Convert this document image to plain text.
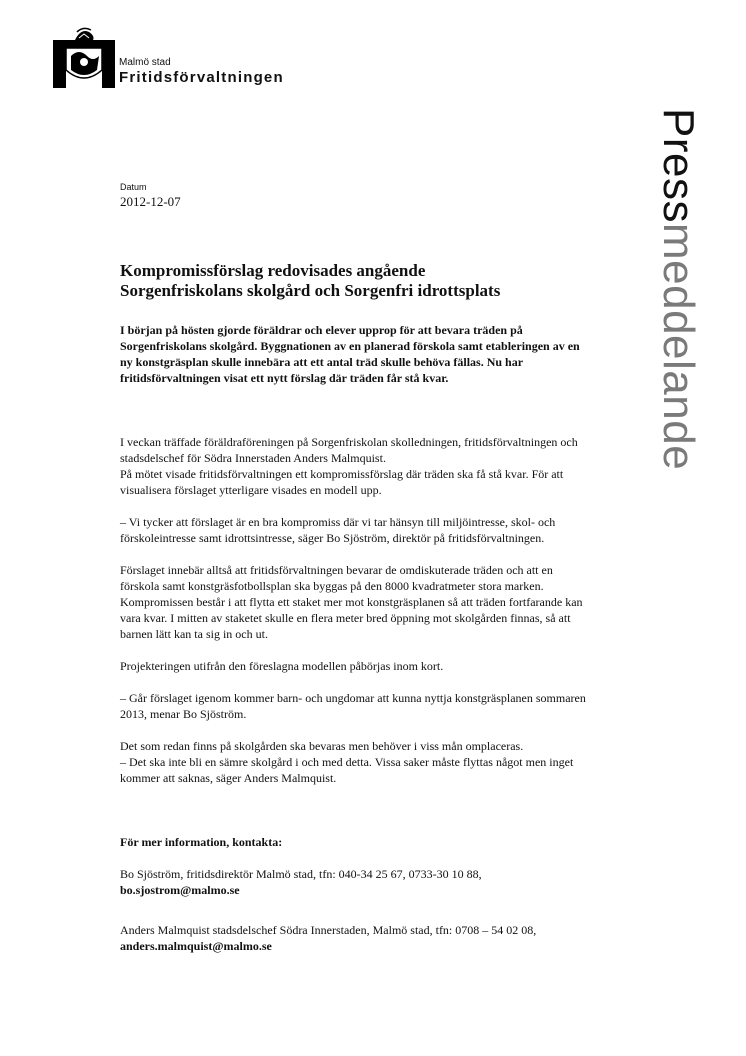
Malmö stad
Fritidsförvaltningen
Pressmeddelande
Datum
2012-12-07
Kompromissförslag redovisades angående
Sorgenfriskolans skolgård och Sorgenfri idrottsplats

I början på hösten gjorde föräldrar och elever upprop för att bevara träden på Sorgenfriskolans skolgård. Byggnationen av en planerad förskola samt etableringen av en ny konstgräsplan skulle innebära att ett antal träd skulle behöva fällas. Nu har fritidsförvaltningen visat ett nytt förslag där träden får stå kvar.

I veckan träffade föräldraföreningen på Sorgenfriskolan skolledningen, fritidsförvaltningen och stadsdelschef för Södra Innerstaden Anders Malmquist.

På mötet visade fritidsförvaltningen ett kompromissförslag där träden ska få stå kvar. För att visualisera förslaget ytterligare visades en modell upp.

– Vi tycker att förslaget är en bra kompromiss där vi tar hänsyn till miljöintresse, skol- och förskoleintresse samt idrottsintresse, säger Bo Sjöström, direktör på fritidsförvaltningen.

Förslaget innebär alltså att fritidsförvaltningen bevarar de omdiskuterade träden och att en förskola samt konstgräsfotbollsplan ska byggas på den 8000 kvadratmeter stora marken. Kompromissen består i att flytta ett staket mer mot konstgräsplanen så att träden fortfarande kan vara kvar. I mitten av staketet skulle en flera meter bred öppning mot skolgården finnas, så att barnen lätt kan ta sig in och ut.

Projekteringen utifrån den föreslagna modellen påbörjas inom kort.

– Går förslaget igenom kommer barn- och ungdomar att kunna nyttja konstgräsplanen sommaren 2013, menar Bo Sjöström.

Det som redan finns på skolgården ska bevaras men behöver i viss mån omplaceras.

– Det ska inte bli en sämre skolgård i och med detta. Vissa saker måste flyttas något men inget kommer att saknas, säger Anders Malmquist.

För mer information, kontakta:

Bo Sjöström, fritidsdirektör Malmö stad, tfn: 040-34 25 67, 0733-30 10 88,
bo.sjostrom@malmo.se

Anders Malmquist stadsdelschef Södra Innerstaden, Malmö stad, tfn: 0708 – 54 02 08,
anders.malmquist@malmo.se
